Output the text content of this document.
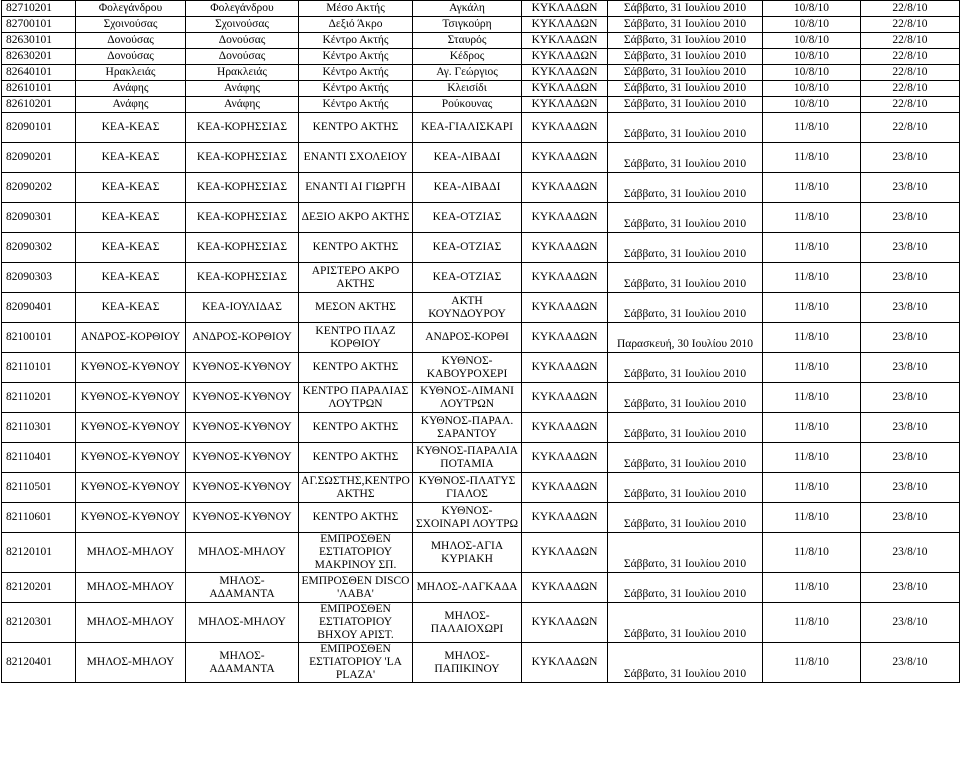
82710201	Φολεγάνδρου	Φολεγάνδρου	Μέσο Ακτής	Αγκάλη	ΚΥΚΛΑΔΩΝ	Σάββατο, 31 Ιουλίου 2010	10/8/10	22/8/10
82700101	Σχοινούσας	Σχοινούσας	Δεξιό Άκρο	Τσιγκούρη	ΚΥΚΛΑΔΩΝ	Σάββατο, 31 Ιουλίου 2010	10/8/10	22/8/10
82630101	Δονούσας	Δονούσας	Κέντρο Ακτής	Σταυρός	ΚΥΚΛΑΔΩΝ	Σάββατο, 31 Ιουλίου 2010	10/8/10	22/8/10
82630201	Δονούσας	Δονούσας	Κέντρο Ακτής	Κέδρος	ΚΥΚΛΑΔΩΝ	Σάββατο, 31 Ιουλίου 2010	10/8/10	22/8/10
82640101	Ηρακλειάς	Ηρακλειάς	Κέντρο Ακτής	Αγ. Γεώργιος	ΚΥΚΛΑΔΩΝ	Σάββατο, 31 Ιουλίου 2010	10/8/10	22/8/10
82610101	Ανάφης	Ανάφης	Κέντρο Ακτής	Κλεισίδι	ΚΥΚΛΑΔΩΝ	Σάββατο, 31 Ιουλίου 2010	10/8/10	22/8/10
82610201	Ανάφης	Ανάφης	Κέντρο Ακτής	Ρούκουνας	ΚΥΚΛΑΔΩΝ	Σάββατο, 31 Ιουλίου 2010	10/8/10	22/8/10
82090101	ΚΕΑ-ΚΕΑΣ	ΚΕΑ-ΚΟΡΗΣΣΙΑΣ	ΚΕΝΤΡΟ ΑΚΤΗΣ	ΚΕΑ-ΓΙΑΛΙΣΚΑΡΙ	ΚΥΚΛΑΔΩΝ	Σάββατο, 31 Ιουλίου 2010	11/8/10	22/8/10
82090201	ΚΕΑ-ΚΕΑΣ	ΚΕΑ-ΚΟΡΗΣΣΙΑΣ	ΕΝΑΝΤΙ ΣΧΟΛΕΙΟΥ	ΚΕΑ-ΛΙΒΑΔΙ	ΚΥΚΛΑΔΩΝ	Σάββατο, 31 Ιουλίου 2010	11/8/10	23/8/10
82090202	ΚΕΑ-ΚΕΑΣ	ΚΕΑ-ΚΟΡΗΣΣΙΑΣ	ΕΝΑΝΤΙ ΑΙ ΓΙΩΡΓΗ	ΚΕΑ-ΛΙΒΑΔΙ	ΚΥΚΛΑΔΩΝ	Σάββατο, 31 Ιουλίου 2010	11/8/10	23/8/10
82090301	ΚΕΑ-ΚΕΑΣ	ΚΕΑ-ΚΟΡΗΣΣΙΑΣ	ΔΕΞΙΟ ΑΚΡΟ ΑΚΤΗΣ	ΚΕΑ-ΟΤΖΙΑΣ	ΚΥΚΛΑΔΩΝ	Σάββατο, 31 Ιουλίου 2010	11/8/10	23/8/10
82090302	ΚΕΑ-ΚΕΑΣ	ΚΕΑ-ΚΟΡΗΣΣΙΑΣ	ΚΕΝΤΡΟ ΑΚΤΗΣ	ΚΕΑ-ΟΤΖΙΑΣ	ΚΥΚΛΑΔΩΝ	Σάββατο, 31 Ιουλίου 2010	11/8/10	23/8/10
82090303	ΚΕΑ-ΚΕΑΣ	ΚΕΑ-ΚΟΡΗΣΣΙΑΣ	ΑΡΙΣΤΕΡΟ ΑΚΡΟ ΑΚΤΗΣ	ΚΕΑ-ΟΤΖΙΑΣ	ΚΥΚΛΑΔΩΝ	Σάββατο, 31 Ιουλίου 2010	11/8/10	23/8/10
82090401	ΚΕΑ-ΚΕΑΣ	ΚΕΑ-ΙΟΥΛΙΔΑΣ	ΜΕΣΟΝ ΑΚΤΗΣ	ΑΚΤΗ ΚΟΥΝΔΟΥΡΟΥ	ΚΥΚΛΑΔΩΝ	Σάββατο, 31 Ιουλίου 2010	11/8/10	23/8/10
82100101	ΑΝΔΡΟΣ-ΚΟΡΘΙΟΥ	ΑΝΔΡΟΣ-ΚΟΡΘΙΟΥ	ΚΕΝΤΡΟ ΠΛΑΖ ΚΟΡΘΙΟΥ	ΑΝΔΡΟΣ-ΚΟΡΘΙ	ΚΥΚΛΑΔΩΝ	Παρασκευή, 30 Ιουλίου 2010	11/8/10	23/8/10
82110101	ΚΥΘΝΟΣ-ΚΥΘΝΟΥ	ΚΥΘΝΟΣ-ΚΥΘΝΟΥ	ΚΕΝΤΡΟ ΑΚΤΗΣ	ΚΥΘΝΟΣ-ΚΑΒΟΥΡΟΧΕΡΙ	ΚΥΚΛΑΔΩΝ	Σάββατο, 31 Ιουλίου 2010	11/8/10	23/8/10
82110201	ΚΥΘΝΟΣ-ΚΥΘΝΟΥ	ΚΥΘΝΟΣ-ΚΥΘΝΟΥ	ΚΕΝΤΡΟ ΠΑΡΑΛΙΑΣ ΛΟΥΤΡΩΝ	ΚΥΘΝΟΣ-ΛΙΜΑΝΙ ΛΟΥΤΡΩΝ	ΚΥΚΛΑΔΩΝ	Σάββατο, 31 Ιουλίου 2010	11/8/10	23/8/10
82110301	ΚΥΘΝΟΣ-ΚΥΘΝΟΥ	ΚΥΘΝΟΣ-ΚΥΘΝΟΥ	ΚΕΝΤΡΟ ΑΚΤΗΣ	ΚΥΘΝΟΣ-ΠΑΡΑΛ. ΣΑΡΑΝΤΟΥ	ΚΥΚΛΑΔΩΝ	Σάββατο, 31 Ιουλίου 2010	11/8/10	23/8/10
82110401	ΚΥΘΝΟΣ-ΚΥΘΝΟΥ	ΚΥΘΝΟΣ-ΚΥΘΝΟΥ	ΚΕΝΤΡΟ ΑΚΤΗΣ	ΚΥΘΝΟΣ-ΠΑΡΑΛΙΑ ΠΟΤΑΜΙΑ	ΚΥΚΛΑΔΩΝ	Σάββατο, 31 Ιουλίου 2010	11/8/10	23/8/10
82110501	ΚΥΘΝΟΣ-ΚΥΘΝΟΥ	ΚΥΘΝΟΣ-ΚΥΘΝΟΥ	ΑΓ.ΣΩΣΤΗΣ,ΚΕΝΤΡΟ ΑΚΤΗΣ	ΚΥΘΝΟΣ-ΠΛΑΤΥΣ ΓΙΑΛΟΣ	ΚΥΚΛΑΔΩΝ	Σάββατο, 31 Ιουλίου 2010	11/8/10	23/8/10
82110601	ΚΥΘΝΟΣ-ΚΥΘΝΟΥ	ΚΥΘΝΟΣ-ΚΥΘΝΟΥ	ΚΕΝΤΡΟ ΑΚΤΗΣ	ΚΥΘΝΟΣ-ΣΧΟΙΝΑΡΙ ΛΟΥΤΡΩ	ΚΥΚΛΑΔΩΝ	Σάββατο, 31 Ιουλίου 2010	11/8/10	23/8/10
82120101	ΜΗΛΟΣ-ΜΗΛΟΥ	ΜΗΛΟΣ-ΜΗΛΟΥ	ΕΜΠΡΟΣΘΕΝ ΕΣΤΙΑΤΟΡΙΟΥ ΜΑΚΡΙΝΟΥ ΣΠ.	ΜΗΛΟΣ-ΑΓΙΑ ΚΥΡΙΑΚΗ	ΚΥΚΛΑΔΩΝ	Σάββατο, 31 Ιουλίου 2010	11/8/10	23/8/10
82120201	ΜΗΛΟΣ-ΜΗΛΟΥ	ΜΗΛΟΣ-ΑΔΑΜΑΝΤΑ	ΕΜΠΡΟΣΘΕΝ DISCO 'ΛΑΒΑ'	ΜΗΛΟΣ-ΛΑΓΚΑΔΑ	ΚΥΚΛΑΔΩΝ	Σάββατο, 31 Ιουλίου 2010	11/8/10	23/8/10
82120301	ΜΗΛΟΣ-ΜΗΛΟΥ	ΜΗΛΟΣ-ΜΗΛΟΥ	ΕΜΠΡΟΣΘΕΝ ΕΣΤΙΑΤΟΡΙΟΥ ΒΗΧΟΥ ΑΡΙΣΤ.	ΜΗΛΟΣ-ΠΑΛΑΙΟΧΩΡΙ	ΚΥΚΛΑΔΩΝ	Σάββατο, 31 Ιουλίου 2010	11/8/10	23/8/10
82120401	ΜΗΛΟΣ-ΜΗΛΟΥ	ΜΗΛΟΣ-ΑΔΑΜΑΝΤΑ	ΕΜΠΡΟΣΘΕΝ ΕΣΤΙΑΤΟΡΙΟΥ 'LA PLAZA'	ΜΗΛΟΣ-ΠΑΠΙΚΙΝΟΥ	ΚΥΚΛΑΔΩΝ	Σάββατο, 31 Ιουλίου 2010	11/8/10	23/8/10
